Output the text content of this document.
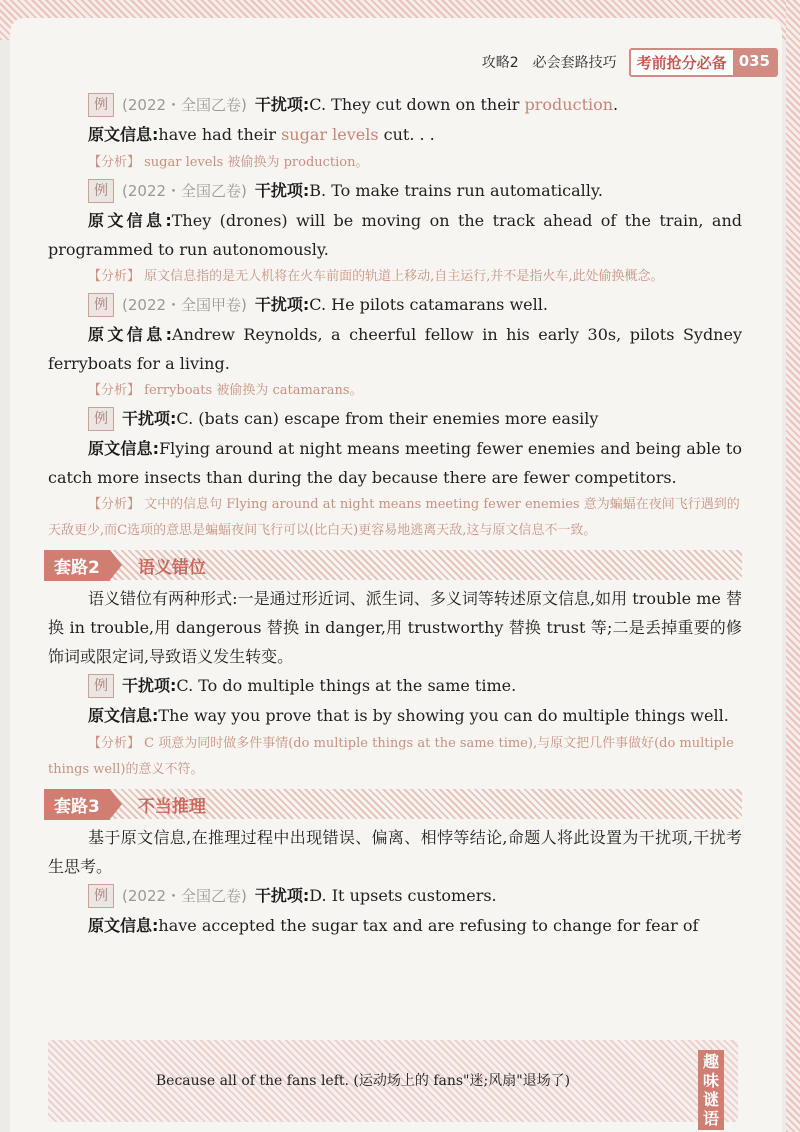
攻略2　必会套路技巧	考前抢分必备 035
例 (2022・全国乙卷) 干扰项:C. They cut down on their production.
原文信息:have had their sugar levels cut. . .
【分析】 sugar levels 被偷换为 production。
例 (2022・全国乙卷) 干扰项:B. To make trains run automatically.
原文信息:They (drones) will be moving on the track ahead of the train, and programmed to run autonomously.
【分析】 原文信息指的是无人机将在火车前面的轨道上移动,自主运行,并不是指火车,此处偷换概念。
例 (2022・全国甲卷) 干扰项:C. He pilots catamarans well.
原文信息:Andrew Reynolds, a cheerful fellow in his early 30s, pilots Sydney ferryboats for a living.
【分析】 ferryboats 被偷换为 catamarans。
例 干扰项:C. (bats can) escape from their enemies more easily
原文信息:Flying around at night means meeting fewer enemies and being able to catch more insects than during the day because there are fewer competitors.
【分析】 文中的信息句 Flying around at night means meeting fewer enemies 意为蝙蝠在夜间飞行遇到的天敌更少,而C选项的意思是蝙蝠夜间飞行可以(比白天)更容易地逃离天敌,这与原文信息不一致。
套路2	语义错位
语义错位有两种形式:一是通过形近词、派生词、多义词等转述原文信息,如用 trouble me 替换 in trouble,用 dangerous 替换 in danger,用 trustworthy 替换 trust 等;二是丢掉重要的修饰词或限定词,导致语义发生转变。
例 干扰项:C. To do multiple things at the same time.
原文信息:The way you prove that is by showing you can do multiple things well.
【分析】 C 项意为同时做多件事情(do multiple things at the same time),与原文把几件事做好(do multiple things well)的意义不符。
套路3	不当推理
基于原文信息,在推理过程中出现错误、偏离、相悖等结论,命题人将此设置为干扰项,干扰考生思考。
例 (2022・全国乙卷) 干扰项:D. It upsets customers.
原文信息:have accepted the sugar tax and are refusing to change for fear of
Because all of the fans left. (运动场上的 fans"迷;风扇"退场了)
趣味谜语
